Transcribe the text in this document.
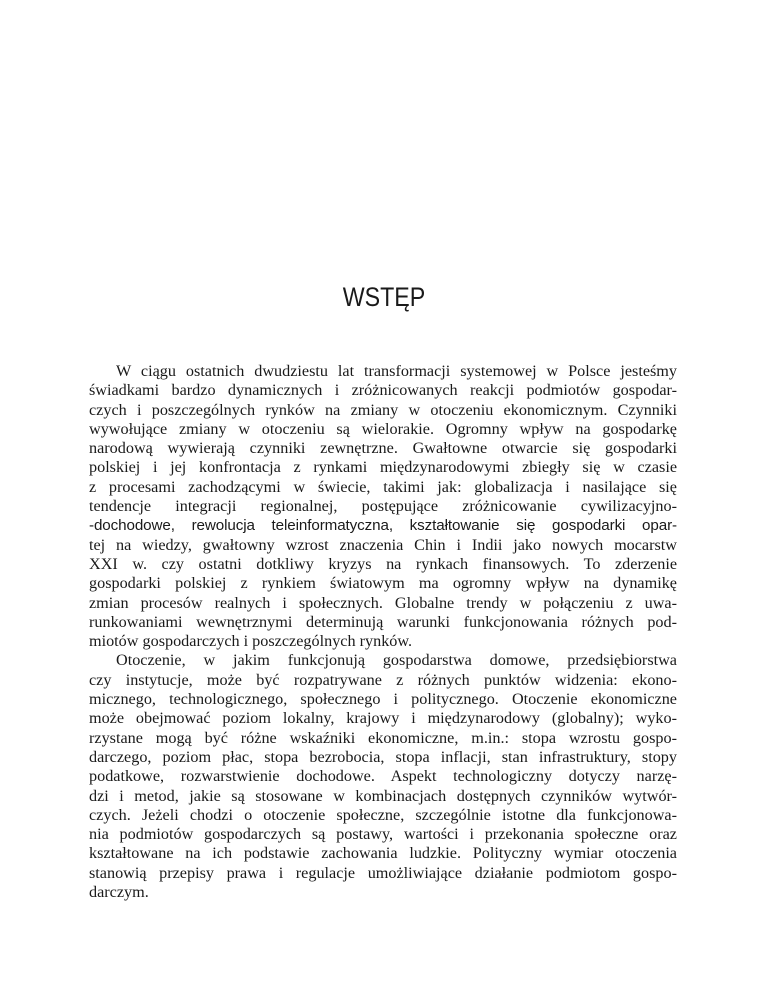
WSTĘP

W ciągu ostatnich dwudziestu lat transformacji systemowej w Polsce jesteśmy
świadkami bardzo dynamicznych i zróżnicowanych reakcji podmiotów gospodar-
czych i poszczególnych rynków na zmiany w otoczeniu ekonomicznym. Czynniki
wywołujące zmiany w otoczeniu są wielorakie. Ogromny wpływ na gospodarkę
narodową wywierają czynniki zewnętrzne. Gwałtowne otwarcie się gospodarki
polskiej i jej konfrontacja z rynkami międzynarodowymi zbiegły się w czasie
z procesami zachodzącymi w świecie, takimi jak: globalizacja i nasilające się
tendencje integracji regionalnej, postępujące zróżnicowanie cywilizacyjno-
-dochodowe, rewolucja teleinformatyczna, kształtowanie się gospodarki opar-
tej na wiedzy, gwałtowny wzrost znaczenia Chin i Indii jako nowych mocarstw
XXI w. czy ostatni dotkliwy kryzys na rynkach finansowych. To zderzenie
gospodarki polskiej z rynkiem światowym ma ogromny wpływ na dynamikę
zmian procesów realnych i społecznych. Globalne trendy w połączeniu z uwa-
runkowaniami wewnętrznymi determinują warunki funkcjonowania różnych pod-
miotów gospodarczych i poszczególnych rynków.

Otoczenie, w jakim funkcjonują gospodarstwa domowe, przedsiębiorstwa
czy instytucje, może być rozpatrywane z różnych punktów widzenia: ekono-
micznego, technologicznego, społecznego i politycznego. Otoczenie ekonomiczne
może obejmować poziom lokalny, krajowy i międzynarodowy (globalny); wyko-
rzystane mogą być różne wskaźniki ekonomiczne, m.in.: stopa wzrostu gospo-
darczego, poziom płac, stopa bezrobocia, stopa inflacji, stan infrastruktury, stopy
podatkowe, rozwarstwienie dochodowe. Aspekt technologiczny dotyczy narzę-
dzi i metod, jakie są stosowane w kombinacjach dostępnych czynników wytwór-
czych. Jeżeli chodzi o otoczenie społeczne, szczególnie istotne dla funkcjonowa-
nia podmiotów gospodarczych są postawy, wartości i przekonania społeczne oraz
kształtowane na ich podstawie zachowania ludzkie. Polityczny wymiar otoczenia
stanowią przepisy prawa i regulacje umożliwiające działanie podmiotom gospo-
darczym.
